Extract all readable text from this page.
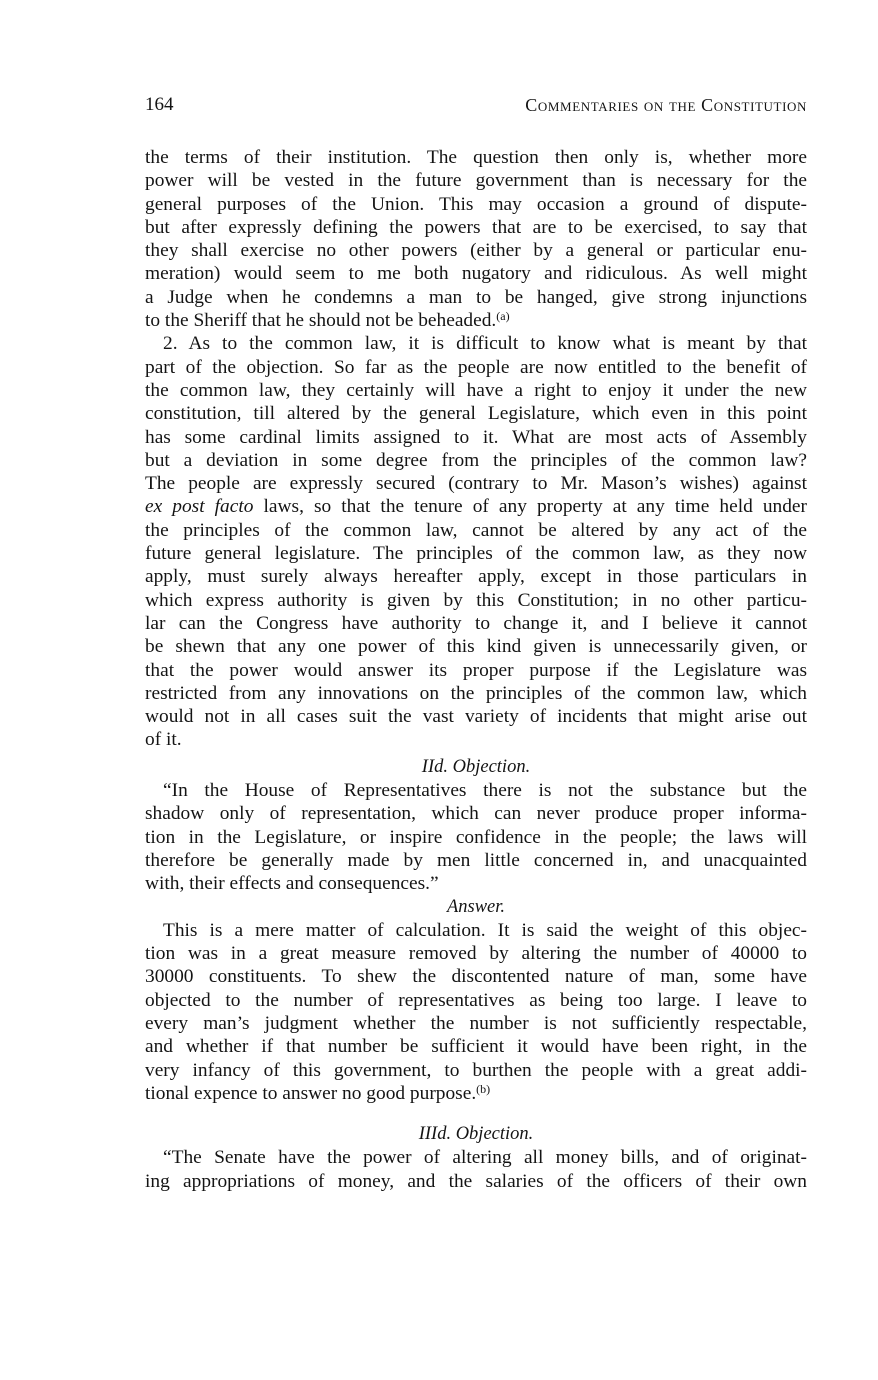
164	Commentaries on the Constitution
the terms of their institution. The question then only is, whether more
power will be vested in the future government than is necessary for the
general purposes of the Union. This may occasion a ground of dispute-
but after expressly defining the powers that are to be exercised, to say that
they shall exercise no other powers (either by a general or particular enu-
meration) would seem to me both nugatory and ridiculous. As well might
a Judge when he condemns a man to be hanged, give strong injunctions
to the Sheriff that he should not be beheaded.$^{(a)}$
2. As to the common law, it is difficult to know what is meant by that
part of the objection. So far as the people are now entitled to the benefit of
the common law, they certainly will have a right to enjoy it under the new
constitution, till altered by the general Legislature, which even in this point
has some cardinal limits assigned to it. What are most acts of Assembly
but a deviation in some degree from the principles of the common law?
The people are expressly secured (contrary to Mr. Mason’s wishes) against
ex post facto laws, so that the tenure of any property at any time held under
the principles of the common law, cannot be altered by any act of the
future general legislature. The principles of the common law, as they now
apply, must surely always hereafter apply, except in those particulars in
which express authority is given by this Constitution; in no other particu-
lar can the Congress have authority to change it, and I believe it cannot
be shewn that any one power of this kind given is unnecessarily given, or
that the power would answer its proper purpose if the Legislature was
restricted from any innovations on the principles of the common law, which
would not in all cases suit the vast variety of incidents that might arise out
of it.
IId. Objection.
“In the House of Representatives there is not the substance but the
shadow only of representation, which can never produce proper informa-
tion in the Legislature, or inspire confidence in the people; the laws will
therefore be generally made by men little concerned in, and unacquainted
with, their effects and consequences.”
Answer.
This is a mere matter of calculation. It is said the weight of this objec-
tion was in a great measure removed by altering the number of 40000 to
30000 constituents. To shew the discontented nature of man, some have
objected to the number of representatives as being too large. I leave to
every man’s judgment whether the number is not sufficiently respectable,
and whether if that number be sufficient it would have been right, in the
very infancy of this government, to burthen the people with a great addi-
tional expence to answer no good purpose.$^{(b)}$
IIId. Objection.
“The Senate have the power of altering all money bills, and of originat-
ing appropriations of money, and the salaries of the officers of their own
